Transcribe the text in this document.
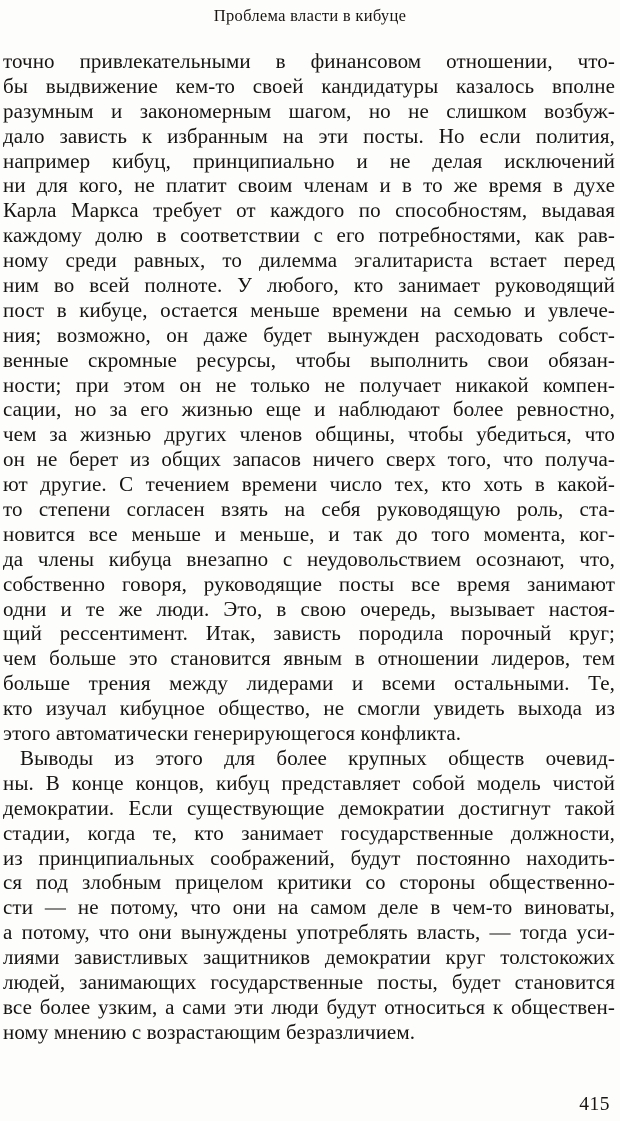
Проблема власти в кибуце
точно привлекательными в финансовом отношении, что-
бы выдвижение кем-то своей кандидатуры казалось вполне
разумным и закономерным шагом, но не слишком возбуж-
дало зависть к избранным на эти посты. Но если полития,
например кибуц, принципиально и не делая исключений
ни для кого, не платит своим членам и в то же время в духе
Карла Маркса требует от каждого по способностям, выдавая
каждому долю в соответствии с его потребностями, как рав-
ному среди равных, то дилемма эгалитариста встает перед
ним во всей полноте. У любого, кто занимает руководящий
пост в кибуце, остается меньше времени на семью и увлече-
ния; возможно, он даже будет вынужден расходовать собст-
венные скромные ресурсы, чтобы выполнить свои обязан-
ности; при этом он не только не получает никакой компен-
сации, но за его жизнью еще и наблюдают более ревностно,
чем за жизнью других членов общины, чтобы убедиться, что
он не берет из общих запасов ничего сверх того, что получа-
ют другие. С течением времени число тех, кто хоть в какой-
то степени согласен взять на себя руководящую роль, ста-
новится все меньше и меньше, и так до того момента, ког-
да члены кибуца внезапно с неудовольствием осознают, что,
собственно говоря, руководящие посты все время занимают
одни и те же люди. Это, в свою очередь, вызывает настоя-
щий рессентимент. Итак, зависть породила порочный круг;
чем больше это становится явным в отношении лидеров, тем
больше трения между лидерами и всеми остальными. Те,
кто изучал кибуцное общество, не смогли увидеть выхода из
этого автоматически генерирующегося конфликта.
Выводы из этого для более крупных обществ очевид-
ны. В конце концов, кибуц представляет собой модель чистой
демократии. Если существующие демократии достигнут такой
стадии, когда те, кто занимает государственные должности,
из принципиальных соображений, будут постоянно находить-
ся под злобным прицелом критики со стороны общественно-
сти — не потому, что они на самом деле в чем-то виноваты,
а потому, что они вынуждены употреблять власть, — тогда уси-
лиями завистливых защитников демократии круг толстокожих
людей, занимающих государственные посты, будет становится
все более узким, а сами эти люди будут относиться к обществен-
ному мнению с возрастающим безразличием.
415
